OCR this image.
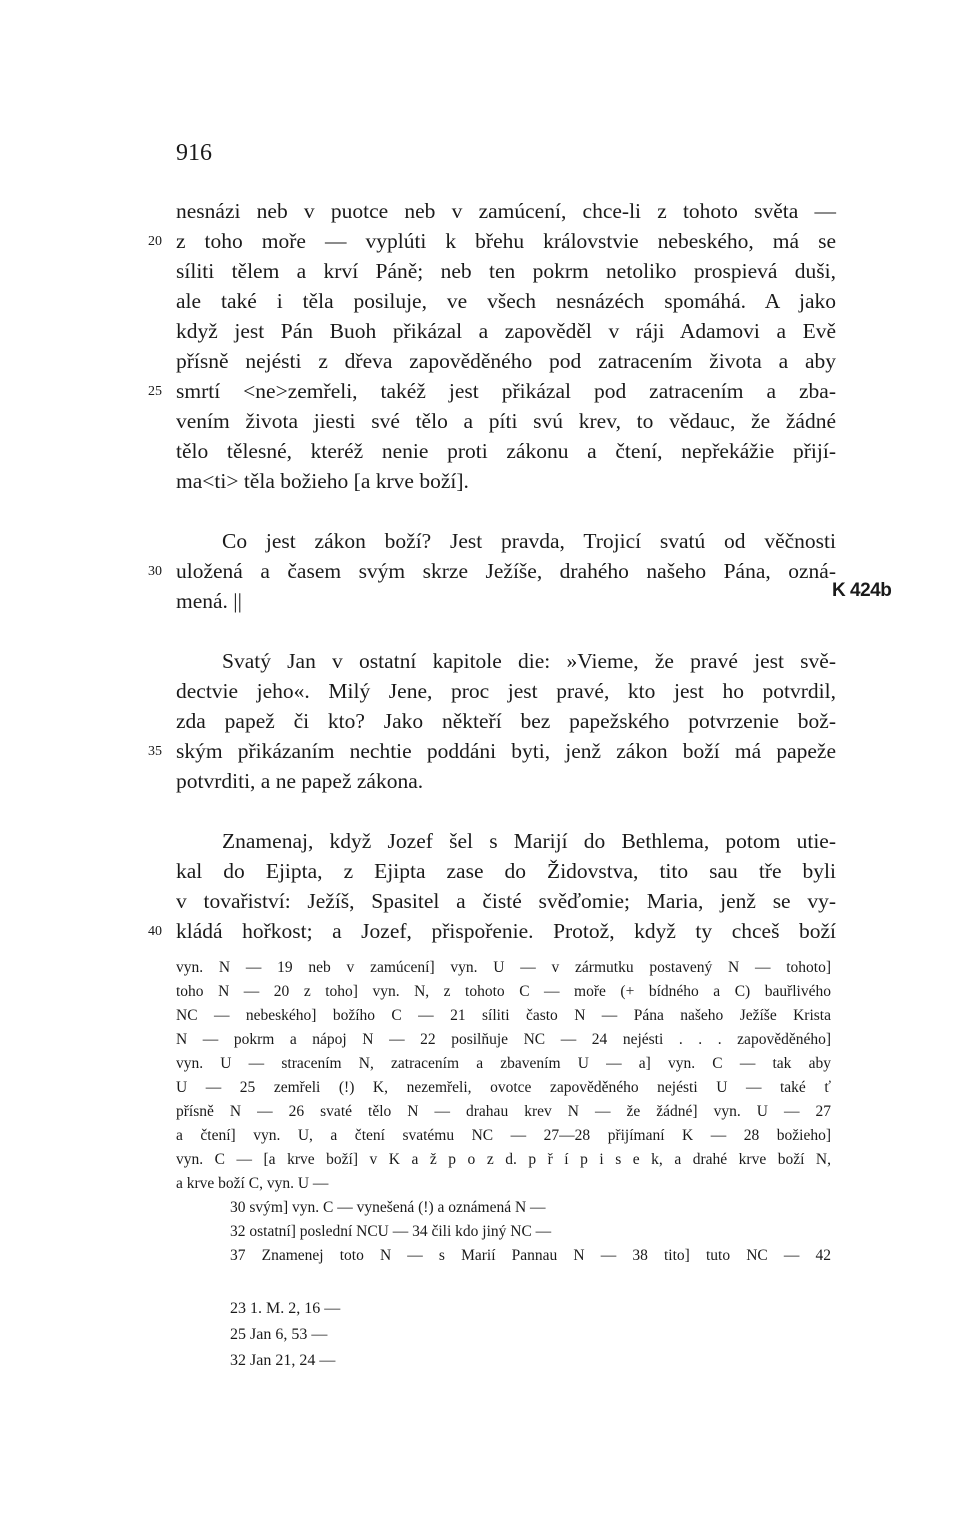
916
nesnázi neb v puotce neb v zamúcení, chce-li z tohoto světa —
z toho moře — vyplúti k břehu královstvie nebeského, má se
20
síliti tělem a krví Páně; neb ten pokrm netoliko prospievá duši,
ale také i těla posiluje, ve všech nesnázéch spomáhá. A jako
když jest Pán Buoh přikázal a zapověděl v ráji Adamovi a Evě
přísně nejésti z dřeva zapověděného pod zatracením života a aby
smrtí <ne>zemřeli, takéž jest přikázal pod zatracením a zba-
25
vením života jiesti své tělo a píti svú krev, to vědauc, že žádné
tělo tělesné, kteréž nenie proti zákonu a čtení, nepřekážie přijí-
ma<ti> těla božieho [a krve boží].
Co jest zákon boží? Jest pravda, Trojicí svatú od věčnosti
uložená a časem svým skrze Ježíše, drahého našeho Pána, ozná-
30
mená. ||
Svatý Jan v ostatní kapitole die: »Vieme, že pravé jest svě-
dectvie jeho«. Milý Jene, proc jest pravé, kto jest ho potvrdil,
zda papež či kto? Jako někteří bez papežského potvrzenie bož-
ským přikázaním nechtie poddáni byti, jenž zákon boží má papeže
35
potvrditi, a ne papež zákona.
Znamenaj, když Jozef šel s Marijí do Bethlema, potom utie-
kal do Ejipta, z Ejipta zase do Židovstva, tito sau tře byli
v tovařiství: Ježíš, Spasitel a čisté svěďomie; Maria, jenž se vy-
kládá hořkost; a Jozef, přispořenie. Protož, když ty chceš boží
40
K 424b
vyn. N — 19 neb v zamúcení] vyn. U — v zármutku postavený N — tohoto]
toho N — 20 z toho] vyn. N, z tohoto C — moře (+ bídného a C) bauřlivého
NC — nebeského] božího C — 21 síliti často N — Pána našeho Ježíše Krista
N — pokrm a nápoj N — 22 posilňuje NC — 24 nejésti . . . zapověděného]
vyn. U — stracením N, zatracením a zbavením U — a] vyn. C — tak aby
U — 25 zemřeli (!) K, nezemřeli, ovotce zapověděného nejésti U — také ť
přísně N — 26 svaté tělo N — drahau krev N — že žádné] vyn. U — 27
a čtení] vyn. U, a čtení svatému NC — 27—28 přijímaní K — 28 božieho]
vyn. C — [a krve boží] v K a ž p o z d. p ř í p i s e k, a drahé krve boží N,
a krve boží C, vyn. U —
30 svým] vyn. C — vynešená (!) a oznámená N —
32 ostatní] poslední NCU — 34 čili kdo jiný NC —
37 Znamenej toto N — s Marií Pannau N — 38 tito] tuto NC — 42
23 1. M. 2, 16 —
25 Jan 6, 53 —
32 Jan 21, 24 —
